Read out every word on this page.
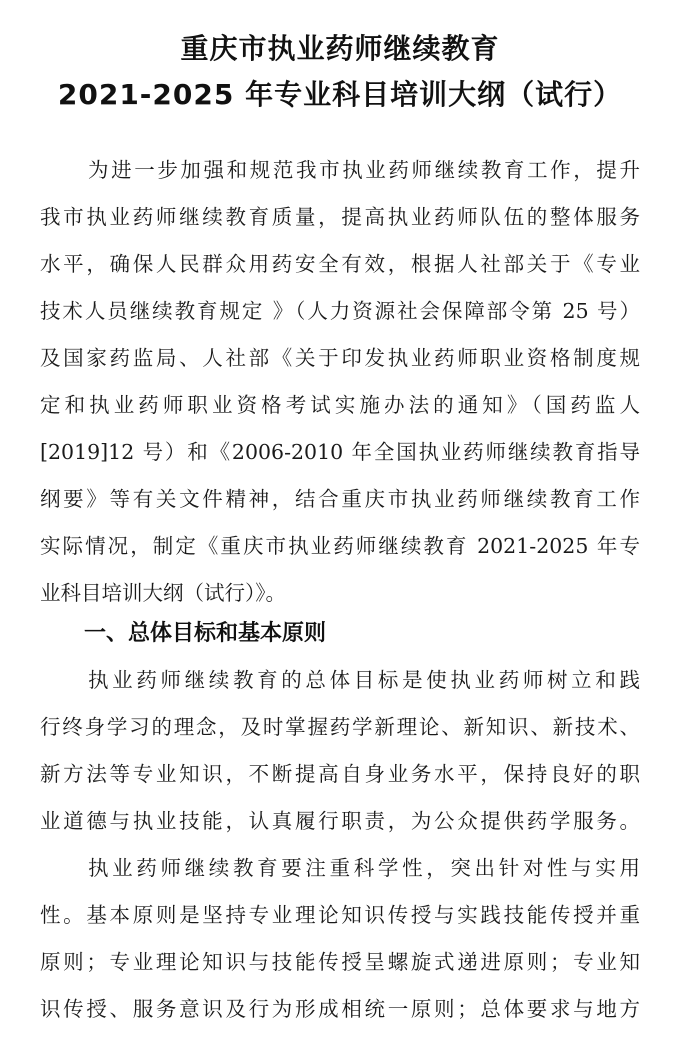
重庆市执业药师继续教育
2021-2025 年专业科目培训大纲（试行）

为进一步加强和规范我市执业药师继续教育工作，提升

我市执业药师继续教育质量，提高执业药师队伍的整体服务

水平，确保人民群众用药安全有效，根据人社部关于《专业

技术人员继续教育规定 》（人力资源社会保障部令第 25 号）

及国家药监局、人社部《关于印发执业药师职业资格制度规

定和执业药师职业资格考试实施办法的通知》（国药监人

[2019]12 号）和《2006-2010 年全国执业药师继续教育指导

纲要》等有关文件精神，结合重庆市执业药师继续教育工作

实际情况，制定《重庆市执业药师继续教育 2021-2025 年专

业科目培训大纲（试行）》。

一、总体目标和基本原则

执业药师继续教育的总体目标是使执业药师树立和践

行终身学习的理念，及时掌握药学新理论、新知识、新技术、

新方法等专业知识，不断提高自身业务水平，保持良好的职

业道德与执业技能，认真履行职责，为公众提供药学服务。

执业药师继续教育要注重科学性，突出针对性与实用

性。基本原则是坚持专业理论知识传授与实践技能传授并重

原则；专业理论知识与技能传授呈螺旋式递进原则；专业知

识传授、服务意识及行为形成相统一原则；总体要求与地方
